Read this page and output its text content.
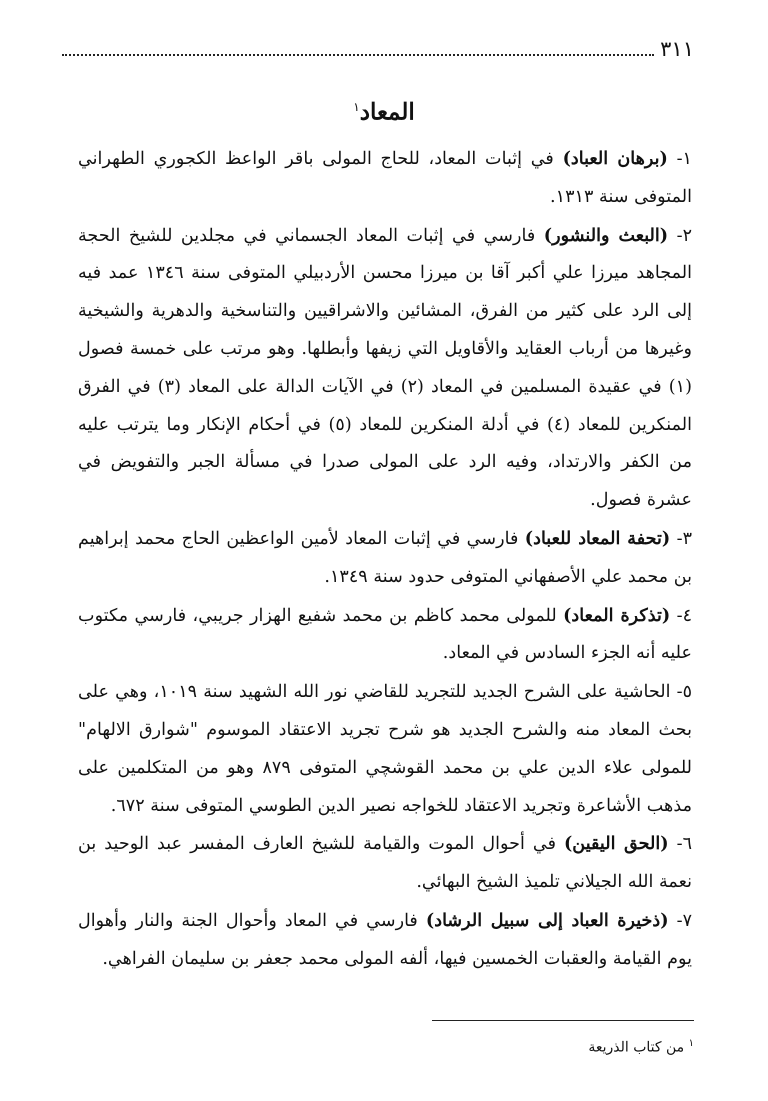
٣١١
المعاد$^١$

١- (برهان العباد) في إثبات المعاد، للحاج المولى باقر الواعظ الكجوري الطهراني المتوفى سنة ١٣١٣.

٢- (البعث والنشور) فارسي في إثبات المعاد الجسماني في مجلدين للشيخ الحجة المجاهد ميرزا علي أكبر آقا بن ميرزا محسن الأردبيلي المتوفى سنة ١٣٤٦ عمد فيه إلى الرد على كثير من الفرق، المشائين والاشراقيين والتناسخية والدهرية والشيخية وغيرها من أرباب العقايد والأقاويل التي زيفها وأبطلها. وهو مرتب على خمسة فصول (١) في عقيدة المسلمين في المعاد (٢) في الآيات الدالة على المعاد (٣) في الفرق المنكرين للمعاد (٤) في أدلة المنكرين للمعاد (٥) في أحكام الإنكار وما يترتب عليه من الكفر والارتداد، وفيه الرد على المولى صدرا في مسألة الجبر والتفويض في عشرة فصول.

٣- (تحفة المعاد للعباد) فارسي في إثبات المعاد لأمين الواعظين الحاج محمد إبراهيم بن محمد علي الأصفهاني المتوفى حدود سنة ١٣٤٩.

٤- (تذكرة المعاد) للمولى محمد كاظم بن محمد شفيع الهزار جريبي، فارسي مكتوب عليه أنه الجزء السادس في المعاد.

٥- الحاشية على الشرح الجديد للتجريد للقاضي نور الله الشهيد سنة ١٠١٩، وهي على بحث المعاد منه والشرح الجديد هو شرح تجريد الاعتقاد الموسوم "شوارق الالهام" للمولى علاء الدين علي بن محمد القوشچي المتوفى ٨٧٩ وهو من المتكلمين على مذهب الأشاعرة وتجريد الاعتقاد للخواجه نصير الدين الطوسي المتوفى سنة ٦٧٢.

٦- (الحق اليقين) في أحوال الموت والقيامة للشيخ العارف المفسر عبد الوحيد بن نعمة الله الجيلاني تلميذ الشيخ البهائي.

٧- (ذخيرة العباد إلى سبيل الرشاد) فارسي في المعاد وأحوال الجنة والنار وأهوال يوم القيامة والعقبات الخمسين فيها، ألفه المولى محمد جعفر بن سليمان الفراهي.

$^١$ من كتاب الذريعة
